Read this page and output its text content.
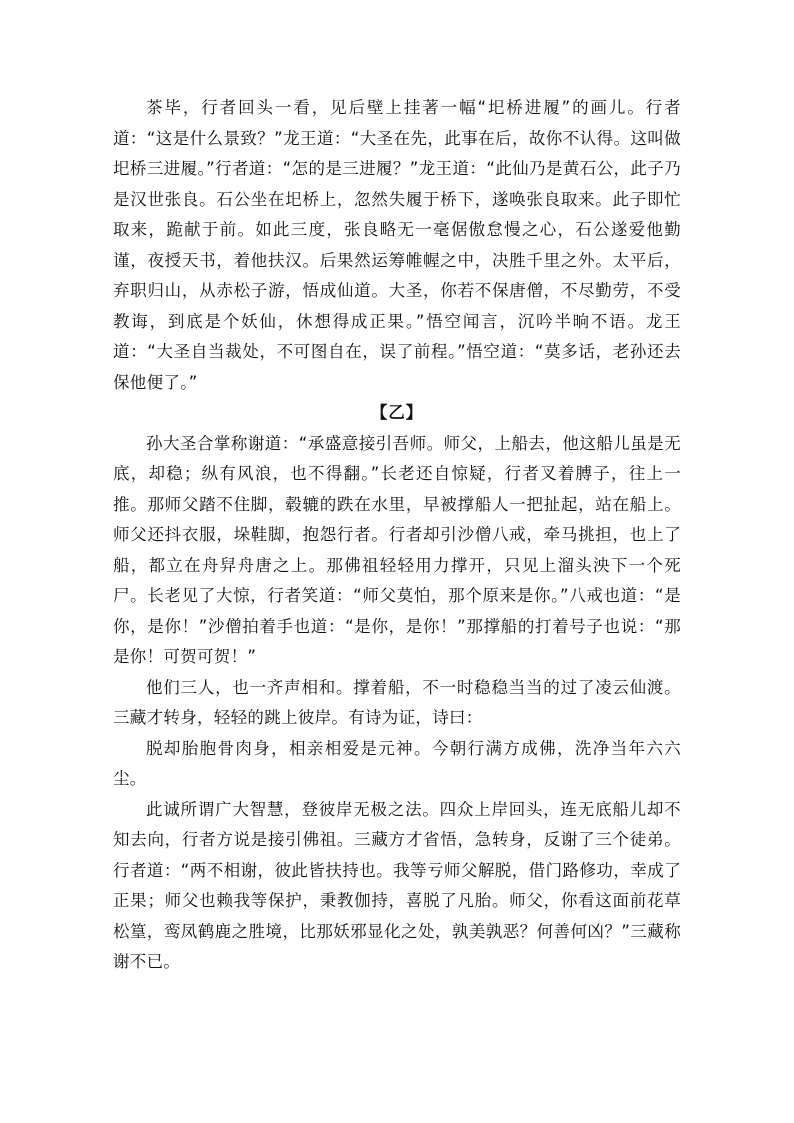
茶毕，行者回头一看，见后壁上挂著一幅“圯桥进履”的画儿。行者道：“这是什么景致？”龙王道：“大圣在先，此事在后，故你不认得。这叫做圯桥三进履。”行者道：“怎的是三进履？”龙王道：“此仙乃是黄石公，此子乃是汉世张良。石公坐在圯桥上，忽然失履于桥下，遂唤张良取来。此子即忙取来，跪献于前。如此三度，张良略无一毫倨傲怠慢之心，石公遂爱他勤谨，夜授天书，着他扶汉。后果然运筹帷幄之中，决胜千里之外。太平后，弃职归山，从赤松子游，悟成仙道。大圣，你若不保唐僧，不尽勤劳，不受教诲，到底是个妖仙，休想得成正果。”悟空闻言，沉吟半晌不语。龙王道：“大圣自当裁处，不可图自在，误了前程。”悟空道：“莫多话，老孙还去保他便了。”

【乙】

孙大圣合掌称谢道：“承盛意接引吾师。师父，上船去，他这船儿虽是无底，却稳；纵有风浪，也不得翻。”长老还自惊疑，行者叉着膊子，往上一推。那师父踏不住脚，毂辘的跌在水里，早被撑船人一把扯起，站在船上。师父还抖衣服，垛鞋脚，抱怨行者。行者却引沙僧八戒，牵马挑担，也上了船，都立在舟舁舟唐之上。那佛祖轻轻用力撑开，只见上溜头泱下一个死尸。长老见了大惊，行者笑道：“师父莫怕，那个原来是你。”八戒也道：“是你，是你！”沙僧拍着手也道：“是你，是你！”那撑船的打着号子也说：“那是你！可贺可贺！”

他们三人，也一齐声相和。撑着船，不一时稳稳当当的过了凌云仙渡。三藏才转身，轻轻的跳上彼岸。有诗为证，诗曰：

脱却胎胞骨肉身，相亲相爱是元神。今朝行满方成佛，洗净当年六六尘。

此诚所谓广大智慧，登彼岸无极之法。四众上岸回头，连无底船儿却不知去向，行者方说是接引佛祖。三藏方才省悟，急转身，反谢了三个徒弟。行者道：“两不相谢，彼此皆扶持也。我等亏师父解脱，借门路修功，幸成了正果；师父也赖我等保护，秉教伽持，喜脱了凡胎。师父，你看这面前花草松篁，鸾凤鹤鹿之胜境，比那妖邪显化之处，孰美孰恶？何善何凶？”三藏称谢不已。
